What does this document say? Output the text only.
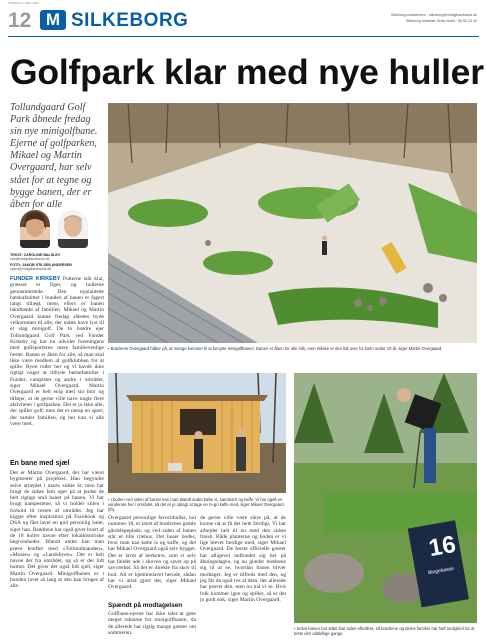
TIRSDAG 5. MAJ 2015
12 M SILKEBORG	Silkeborg-redaktionen · silkeborg@midtjyllandsavis.dk
Silkeborg-redaktør: Brian Holst · 86 82 24 40
Golfpark klar med nye huller
Tollundgaard Golf Park åbnede fredag sin nye minigolfbane. Ejerne af golfparken, Mikael og Martin Overgaard, har selv stået for at tegne og bygge banen, der er åben for alle
TEKST: CAROLINE BALSLEV
cab@midtjyllandsavis.dk
FOTO: JAKOB STILSEN ANDERSEN
stjan@midtjyllandsavis.dk
FUNDER KIRKEBY Putterne står klar, græsset er figet, og hullerne gennemtestede. Den nyplantede bænkafsnitter i bunden af banen er fagert langt tillægt, mens ellers er banen håndtænkt af familien. Mikael og Martin Overgaard kunne fredag således byde velkommen til alle, der måtte have lyst til et slag minigolf. De to brødre ejer Tollundgaard Golf Park ved Funder Kirkeby og har nu udvidet foreningens med golfsporterne mere familievenlige færter. Banen er åben for alle, så man skal ikke være medlem af golfklubben for at spille. Byen roder her og vi havde ikke rigtigt noget at tilbyde børnefamilier i Funder, campister og andre i området, siger Mikael Overgaard. Martin Overgaard er helt enig med sin bror og tilføjer, at de gerne ville have nogle flere aktiviteter i golfparken. Det er jo ikke alle, der spiller golf, men det er netop en sport, der samler familien, og her kan vi alle være med.
En bane med sjæl
Det er Martin Overgaard, der har været bygmester på projektet. Han begyndte selve arbejdet i marts sidste år, men har brugt de sidste fem uger på at pudse de helt rigtige små baner på banen. Vi har brugt kampestene, så vi holder stilen i forhold til resten af området. Jeg har kigget efter inspiration på Facebook og DSA og fået lavet en god personlig bane, siger han. Brødrene har også givet hvert af de 18 huller navne efter lokalhistoriske begivenheder. Blandt andet kan man prøve kræfter med »Tollundmanden«, »Mosen« og »Landsbyen«. Det er helt navne der fra området, og så er der lidt humor. Det giver det også lidt sjæl, siger Martin Overgaard. Minigolfbanen er i bunden lavet så lang at den kan bruges af alle.
▪ Brødrene Overgaard håber på, at mange kommer til at benytte minigolfbanen. Banen er åben for alle folk, men måske er den lidt over for børn under 10 år, siger Martin Overgaard.
▪ I boden ved siden af banen kan man blandt andet købe is, sandwich og kaffe. Vi har også en venderute her i området, så det er jo oplagt at tage en to-go kaffe med, siger Mikael Overgaard (th).
Overgaard personlige favorithuller, hul nummer 18, er lavet af brødrenes gamle gårdslegeplads, og ved siden af banen står et lille træhus. Det huser bodes, hvor man kan købe is og kaffe, og det har Mikael Overgaard også selv bygget. Det er lavet af lærketræ, som vi selv har fældet ude i skoven og savet op på savværket. Så det er direkte fra skov til bod. Alt er hjemmelavet herude, sådan har vi altid gjort det, siger Mikael Overgaard.
Spændt på modtagelsen
Golfbane-ejerne har ikke talet at gøre meget reklame for minigolfbanen, da de allerede har rigtig mange gæster om sommeren.
de gerne ville være sikre på, at de kunne nå at få det hele færdigt. Vi har arbejdet helt til nu med den sidste finish. Både planterne og boden er vi lige blevet færdige med, siger Mikael Overgaard. De første officielle gæster har alligevel indfundet sig her på åbningsdagen, og nu glæder brødrene sig til at se, hvordan banen bliver modtaget. Jeg er tilfreds med den, og jeg får da også ros af dem, der allerede har prøvet den, men nu må vi se. Hvis folk kommer igen og spiller, så er det jo godt nok, siger Martin Overgaard.
16
Bingebasse
▪ Selve banen har stået klar siden efteråret, så brødrene og deres familier har haft mulighed for at teste den adskillige gange.
